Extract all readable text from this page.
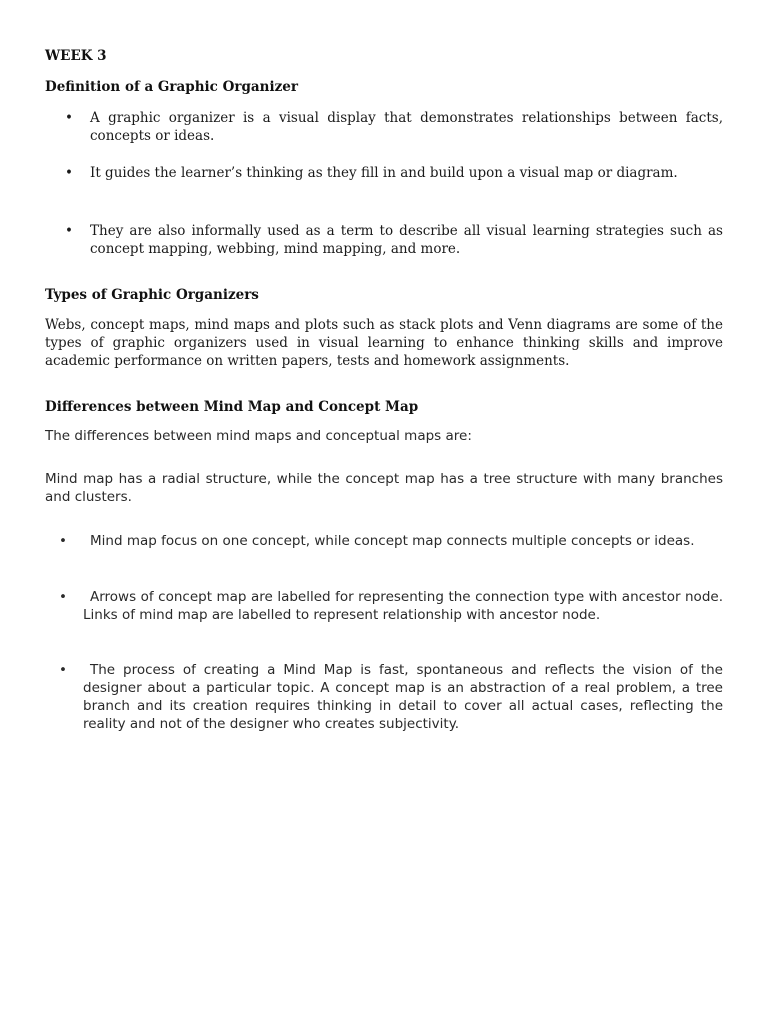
WEEK 3
Definition of a Graphic Organizer
• A graphic organizer is a visual display that demonstrates relationships between facts, concepts or ideas.

• It guides the learner’s thinking as they fill in and build upon a visual map or diagram.

• They are also informally used as a term to describe all visual learning strategies such as concept mapping, webbing, mind mapping, and more.

Types of Graphic Organizers

Webs, concept maps, mind maps and plots such as stack plots and Venn diagrams are some of the types of graphic organizers used in visual learning to enhance thinking skills and improve academic performance on written papers, tests and homework assignments.

Differences between Mind Map and Concept Map

The differences between mind maps and conceptual maps are:

Mind map has a radial structure, while the concept map has a tree structure with many branches and clusters.

•	Mind map focus on one concept, while concept map connects multiple concepts or ideas.

•	Arrows of concept map are labelled for representing the connection type with ancestor node. Links of mind map are labelled to represent relationship with ancestor node.

•	The process of creating a Mind Map is fast, spontaneous and reflects the vision of the designer about a particular topic. A concept map is an abstraction of a real problem, a tree branch and its creation requires thinking in detail to cover all actual cases, reflecting the reality and not of the designer who creates subjectivity.
